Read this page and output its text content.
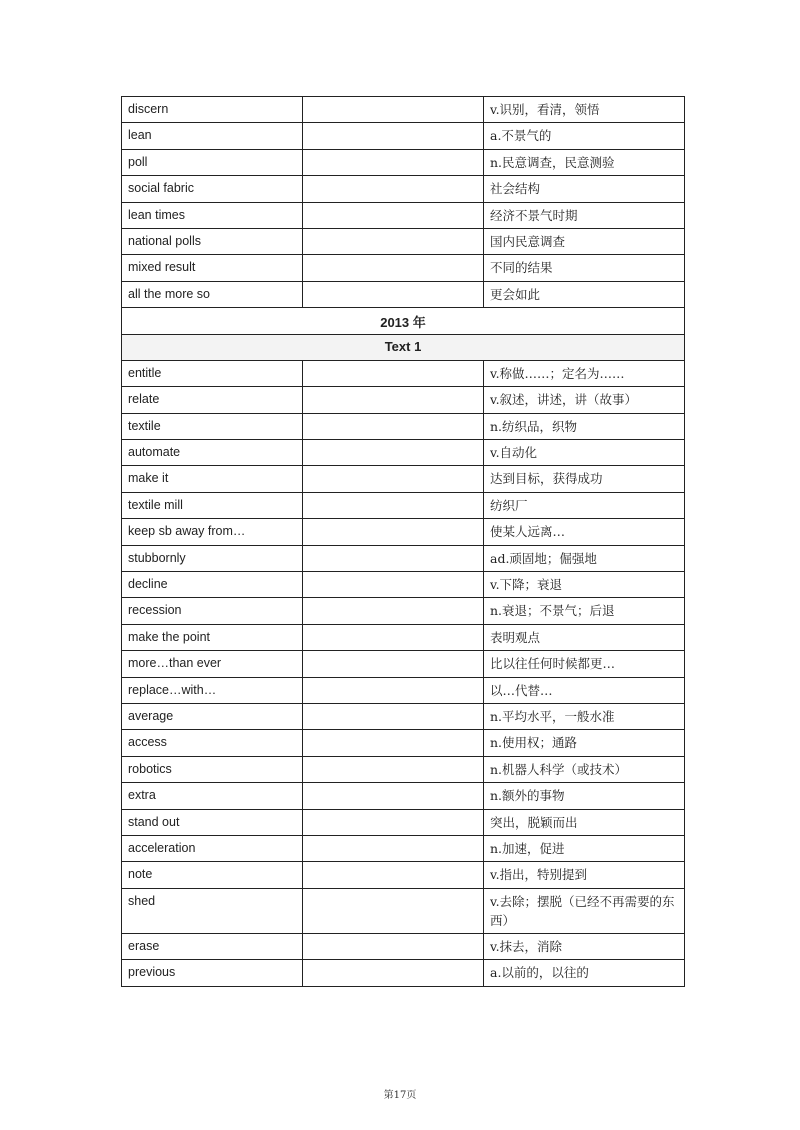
discern		v.识别，看清，领悟
lean		a.不景气的
poll		n.民意调查，民意测验
social fabric		社会结构
lean times		经济不景气时期
national polls		国内民意调查
mixed result		不同的结果
all the more so		更会如此
2013 年		
Text 1		
entitle		v.称做……；定名为……
relate		v.叙述，讲述，讲（故事）
textile		n.纺织品，织物
automate		v.自动化
make it		达到目标，获得成功
textile mill		纺织厂
keep sb away from…		使某人远离…
stubbornly		ad.顽固地；倔强地
decline		v.下降；衰退
recession		n.衰退；不景气；后退
make the point		表明观点
more…than ever		比以往任何时候都更…
replace…with…		以…代替…
average		n.平均水平，一般水准
access		n.使用权；通路
robotics		n.机器人科学（或技术）
extra		n.额外的事物
stand out		突出，脱颖而出
acceleration		n.加速，促进
note		v.指出，特别提到
shed		v.去除；摆脱（已经不再需要的东西）
erase		v.抹去，消除
previous		a.以前的，以往的
第17页
